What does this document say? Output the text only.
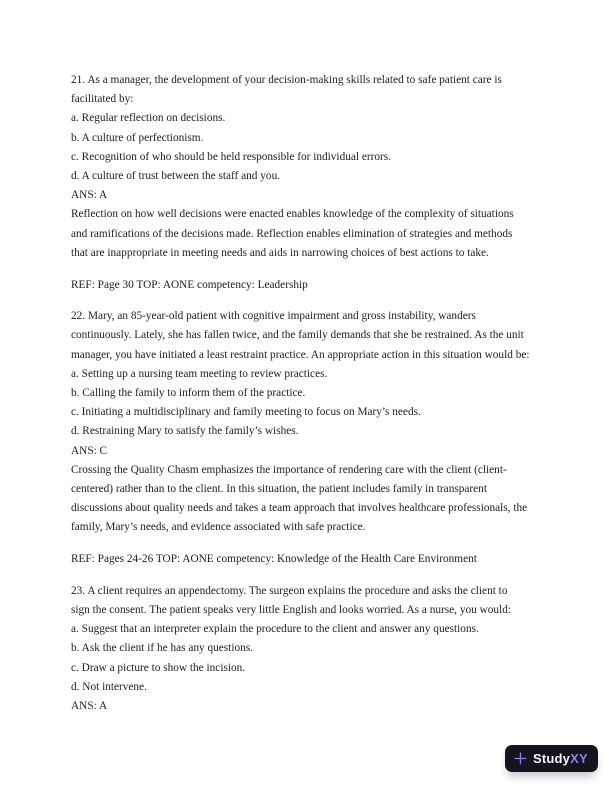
21. As a manager, the development of your decision-making skills related to safe patient care is
facilitated by:
a. Regular reflection on decisions.
b. A culture of perfectionism.
c. Recognition of who should be held responsible for individual errors.
d. A culture of trust between the staff and you.
ANS: A
Reflection on how well decisions were enacted enables knowledge of the complexity of situations
and ramifications of the decisions made. Reflection enables elimination of strategies and methods
that are inappropriate in meeting needs and aids in narrowing choices of best actions to take.
REF: Page 30 TOP: AONE competency: Leadership
22. Mary, an 85-year-old patient with cognitive impairment and gross instability, wanders
continuously. Lately, she has fallen twice, and the family demands that she be restrained. As the unit
manager, you have initiated a least restraint practice. An appropriate action in this situation would be:
a. Setting up a nursing team meeting to review practices.
b. Calling the family to inform them of the practice.
c. Initiating a multidisciplinary and family meeting to focus on Mary’s needs.
d. Restraining Mary to satisfy the family’s wishes.
ANS: C
Crossing the Quality Chasm emphasizes the importance of rendering care with the client (client-
centered) rather than to the client. In this situation, the patient includes family in transparent
discussions about quality needs and takes a team approach that involves healthcare professionals, the
family, Mary’s needs, and evidence associated with safe practice.
REF: Pages 24-26 TOP: AONE competency: Knowledge of the Health Care Environment
23. A client requires an appendectomy. The surgeon explains the procedure and asks the client to
sign the consent. The patient speaks very little English and looks worried. As a nurse, you would:
a. Suggest that an interpreter explain the procedure to the client and answer any questions.
b. Ask the client if he has any questions.
c. Draw a picture to show the incision.
d. Not intervene.
ANS: A
StudyXY
